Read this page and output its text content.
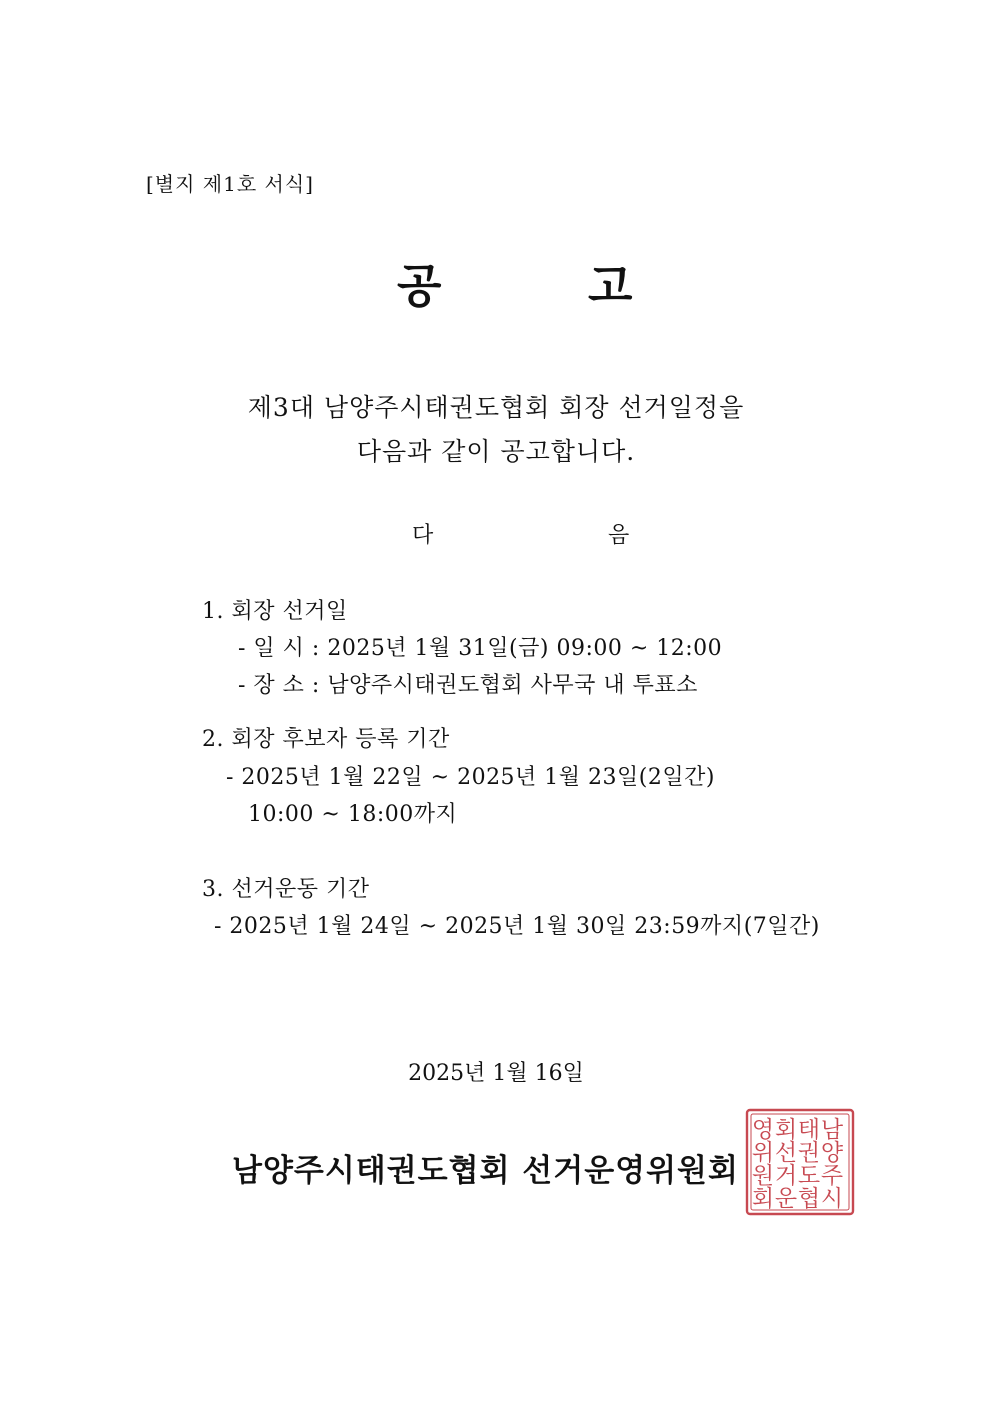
[별지 제1호 서식]
공	고
제3대 남양주시태권도협회 회장 선거일정을
다음과 같이 공고합니다.
다	음
1. 회장 선거일
- 일 시 : 2025년 1월 31일(금) 09:00 ~ 12:00
- 장 소 : 남양주시태권도협회 사무국 내 투표소
2. 회장 후보자 등록 기간
- 2025년 1월 22일 ~ 2025년 1월 23일(2일간)
10:00 ~ 18:00까지
3. 선거운동 기간
- 2025년 1월 24일 ~ 2025년 1월 30일 23:59까지(7일간)
2025년 1월 16일
남양주시태권도협회 선거운영위원회
남
양
주
시
태
권
도
협
회
선
거
운
영
위
원
회
